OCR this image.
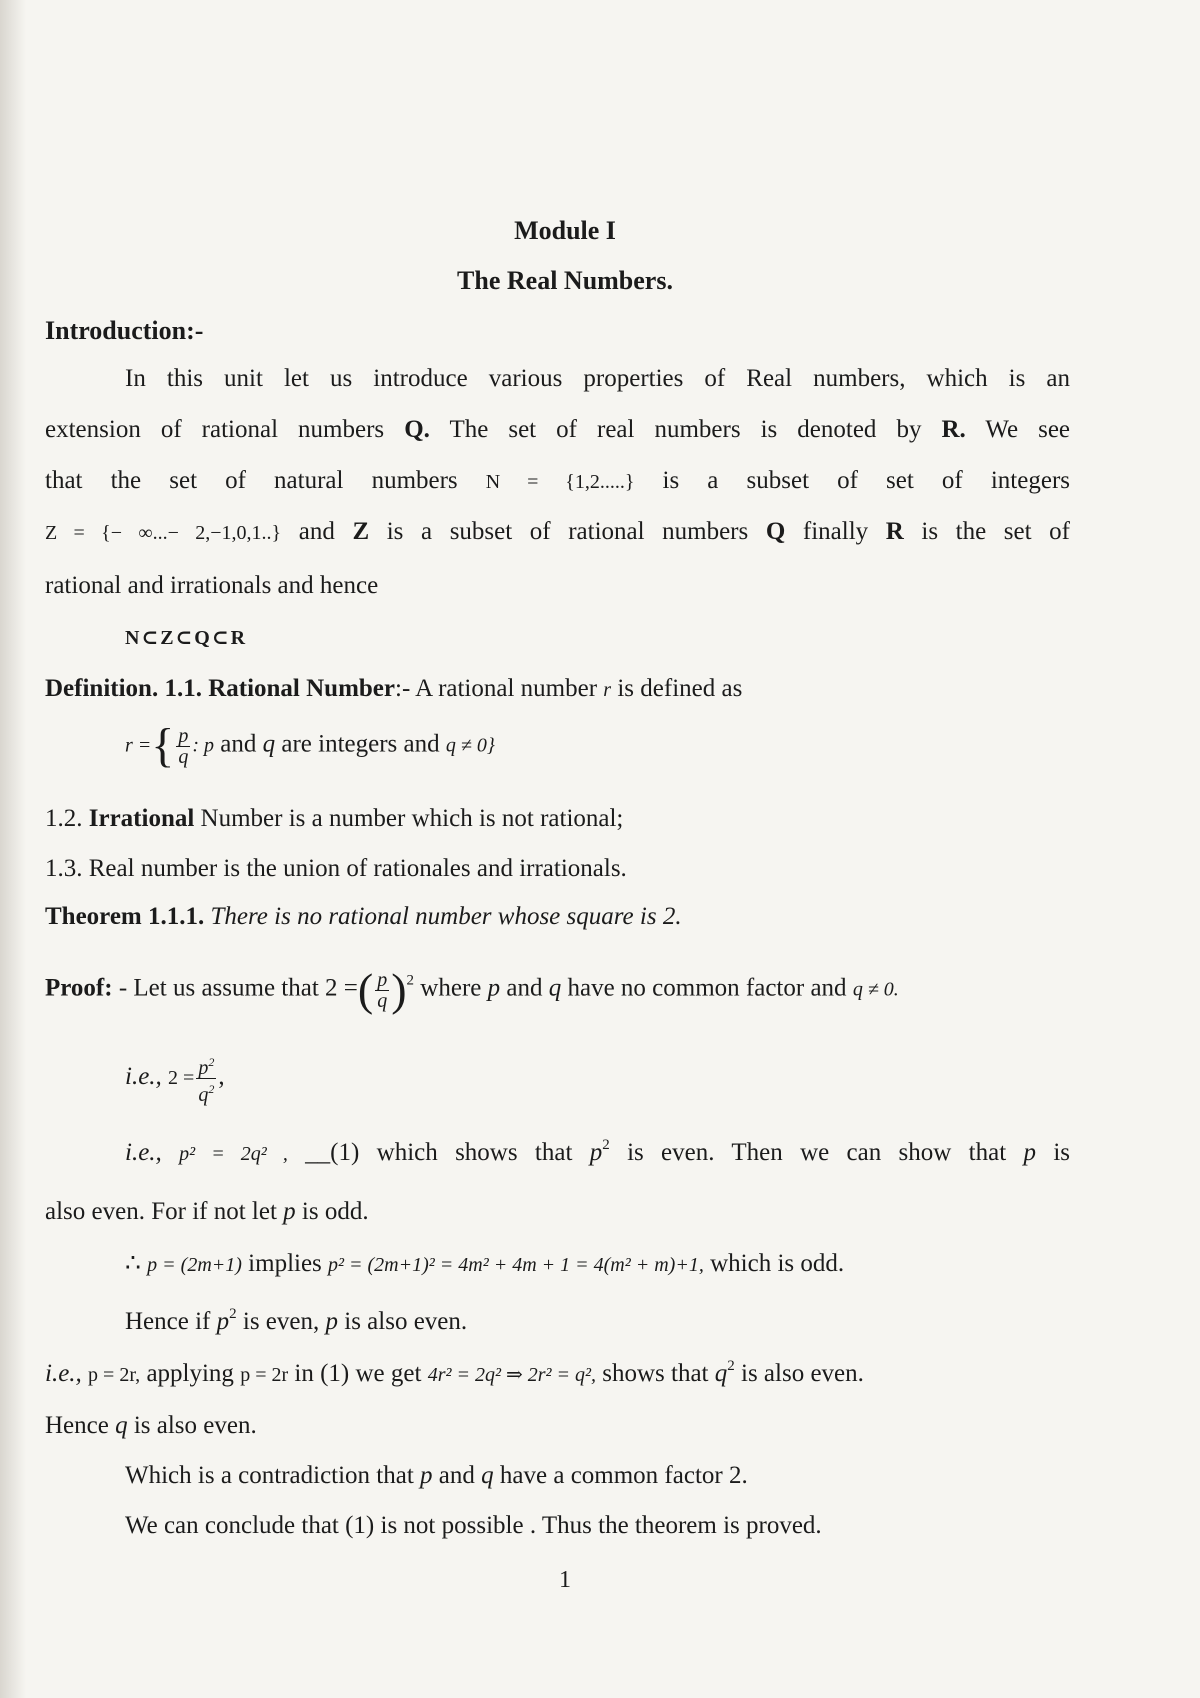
Module I
The Real Numbers.
Introduction:-
In this unit let us introduce various properties of Real numbers, which is an
extension of rational numbers Q. The set of real numbers is denoted by R. We see
that the set of natural numbers N = {1,2.....} is a subset of set of integers
Z = {− ∞...− 2,−1,0,1..} and Z is a subset of rational numbers Q finally R is the set of
rational and irrationals and hence
N⊂Z⊂Q⊂R
Definition. 1.1. Rational Number:- A rational number r is defined as
r ={ $\frac{p}{q}$ : p and q are integers and q ≠ 0}
1.2. Irrational Number is a number which is not rational;
1.3. Real number is the union of rationales and irrationals.
Theorem 1.1.1. There is no rational number whose square is 2.
Proof: - Let us assume that 2 =( $\frac{p}{q} )^2$ where p and q have no common factor and q ≠ 0.
i.e., $2 = \frac{p^2}{q^2}$ ,
i.e., p² = 2q² , __(1) which shows that $p^2$ is even. Then we can show that p is
also even. For if not let p is odd.
∴ p = (2m+1) implies p² = (2m+1)² = 4m² + 4m + 1 = 4(m² + m)+1, which is odd.
Hence if $p^2$ is even, p is also even.
i.e., p = 2r, applying p = 2r in (1) we get 4r² = 2q² ⇒ 2r² = q², shows that $q^2$ is also even.
Hence q is also even.
Which is a contradiction that p and q have a common factor 2.
We can conclude that (1) is not possible . Thus the theorem is proved.
1
